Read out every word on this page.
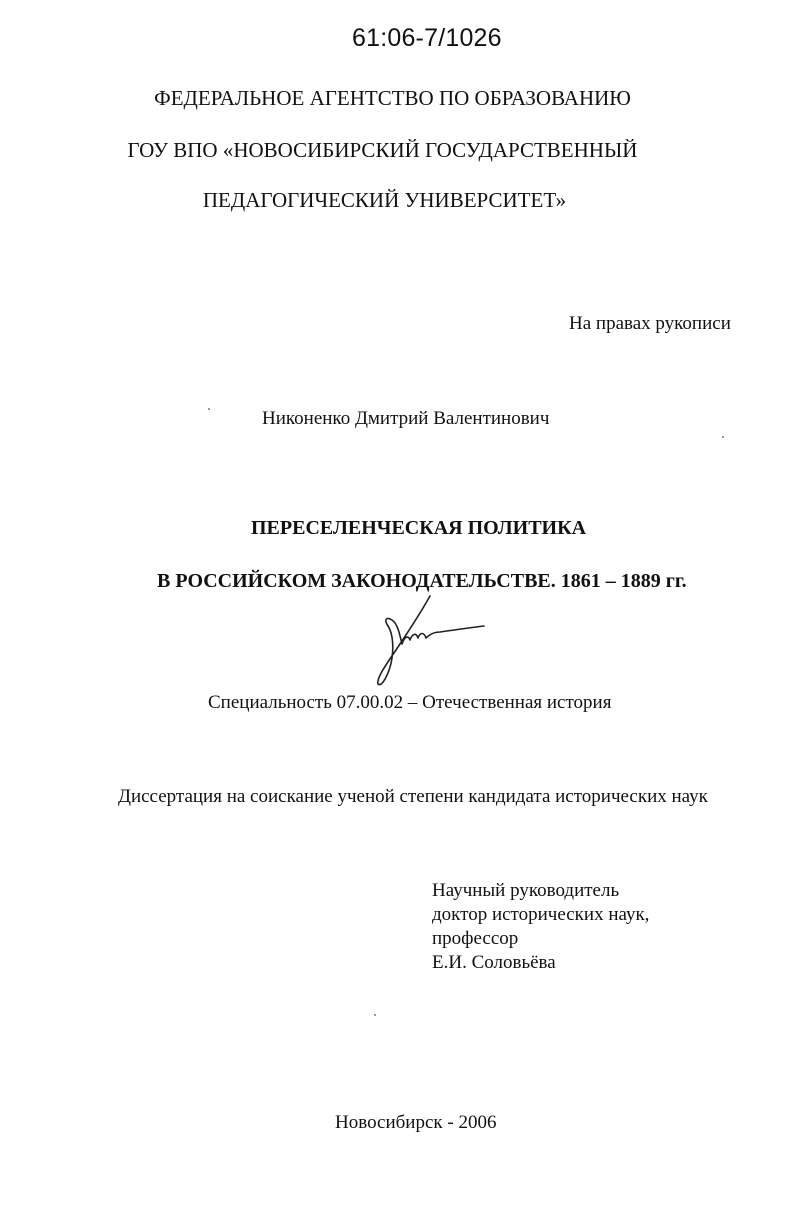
61:06-7/1026
ФЕДЕРАЛЬНОЕ АГЕНТСТВО ПО ОБРАЗОВАНИЮ
ГОУ ВПО «НОВОСИБИРСКИЙ ГОСУДАРСТВЕННЫЙ
ПЕДАГОГИЧЕСКИЙ УНИВЕРСИТЕТ»
На правах рукописи
Никоненко Дмитрий Валентинович
ПЕРЕСЕЛЕНЧЕСКАЯ ПОЛИТИКА
В РОССИЙСКОМ ЗАКОНОДАТЕЛЬСТВЕ. 1861 – 1889 гг.
Специальность 07.00.02 – Отечественная история
Диссертация на соискание ученой степени кандидата исторических наук
Научный руководитель
доктор исторических наук,
профессор
Е.И. Соловьёва
Новосибирск - 2006
